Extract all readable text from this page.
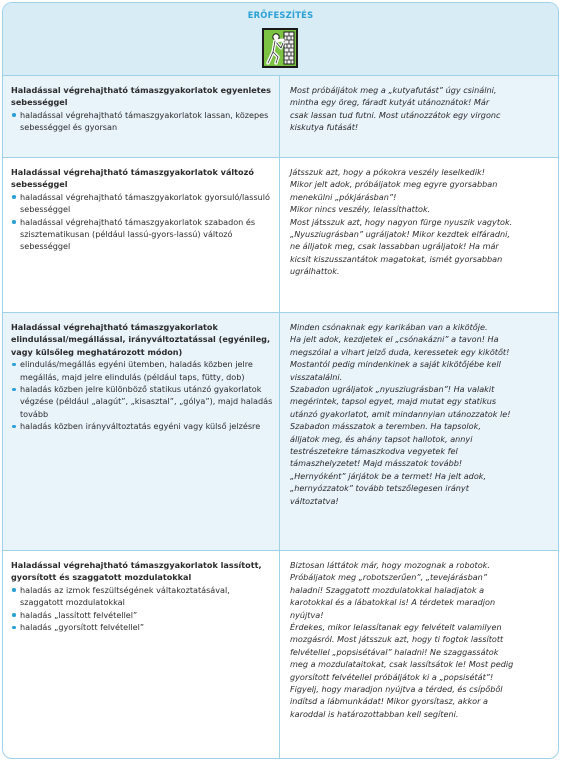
ERŐFESZÍTÉS
Haladással végrehajtható támaszgyakorlatok egyenletes sebességgel
haladással végrehajtható támaszgyakorlatok lassan, közepes sebességgel és gyorsan

Most próbáljátok meg a „kutyafutást” úgy csinálni,
mintha egy öreg, fáradt kutyát utánoznátok! Már
csak lassan tud futni. Most utánozzátok egy virgonc
kiskutya futását!

Haladással végrehajtható támaszgyakorlatok változó sebességgel
haladással végrehajtható támaszgyakorlatok gyorsuló/lassuló sebességgel
haladással végrehajtható támaszgyakorlatok szabadon és szisztematikusan (például lassú-gyors-lassú) változó sebességgel

Játsszuk azt, hogy a pókokra veszély leselkedik!
Mikor jelt adok, próbáljatok meg egyre gyorsabban
menekülni „pókjárásban”!
Mikor nincs veszély, lelassíthattok.
Most játsszuk azt, hogy nagyon fürge nyuszik vagytok.
„Nyusziugrásban” ugráljatok! Mikor kezdtek elfáradni,
ne álljatok meg, csak lassabban ugráljatok! Ha már
kicsit kiszusszantátok magatokat, ismét gyorsabban
ugrálhattok.

Haladással végrehajtható támaszgyakorlatok elindulással/megállással, irányváltoztatással (egyénileg, vagy külsőleg meghatározott módon)
elindulás/megállás egyéni ütemben, haladás közben jelre megállás, majd jelre elindulás (például taps, fütty, dob)
haladás közben jelre különböző statikus utánzó gyakorlatok végzése (például „alagút”, „kisasztal”, „gólya”), majd haladás tovább
haladás közben irányváltoztatás egyéni vagy külső jelzésre

Minden csónaknak egy karikában van a kikötője.
Ha jelt adok, kezdjetek el „csónakázni” a tavon! Ha
megszólal a vihart jelző duda, keressetek egy kikötőt!
Mostantól pedig mindenkinek a saját kikötőjébe kell
visszatalálni.
Szabadon ugráljatok „nyusziugrásban”! Ha valakit
megérintek, tapsol egyet, majd mutat egy statikus
utánzó gyakorlatot, amit mindannyian utánozzatok le!
Szabadon másszatok a teremben. Ha tapsolok,
álljatok meg, és ahány tapsot hallotok, annyi
testrészetekre támaszkodva vegyetek fel
támaszhelyzetet! Majd másszatok tovább!
„Hernyóként” járjátok be a termet! Ha jelt adok,
„hernyózzatok” tovább tetszőlegesen irányt
változtatva!

Haladással végrehajtható támaszgyakorlatok lassított, gyorsított és szaggatott mozdulatokkal
haladás az izmok feszültségének váltakoztatásával, szaggatott mozdulatokkal
haladás „lassított felvétellel”
haladás „gyorsított felvétellel”

Biztosan láttátok már, hogy mozognak a robotok.
Próbáljatok meg „robotszerűen”, „tevejárásban”
haladni! Szaggatott mozdulatokkal haladjatok a
karotokkal és a lábatokkal is! A térdetek maradjon
nyújtva!
Érdekes, mikor lelassítanak egy felvételt valamilyen
mozgásról. Most játsszuk azt, hogy ti fogtok lassított
felvétellel „popsisétával” haladni! Ne szaggassátok
meg a mozdulataitokat, csak lassítsátok le! Most pedig
gyorsított felvétellel próbáljátok ki a „popsisétát”!
Figyelj, hogy maradjon nyújtva a térded, és csípőből
indítsd a lábmunkádat! Mikor gyorsítasz, akkor a
karoddal is határozottabban kell segíteni.
